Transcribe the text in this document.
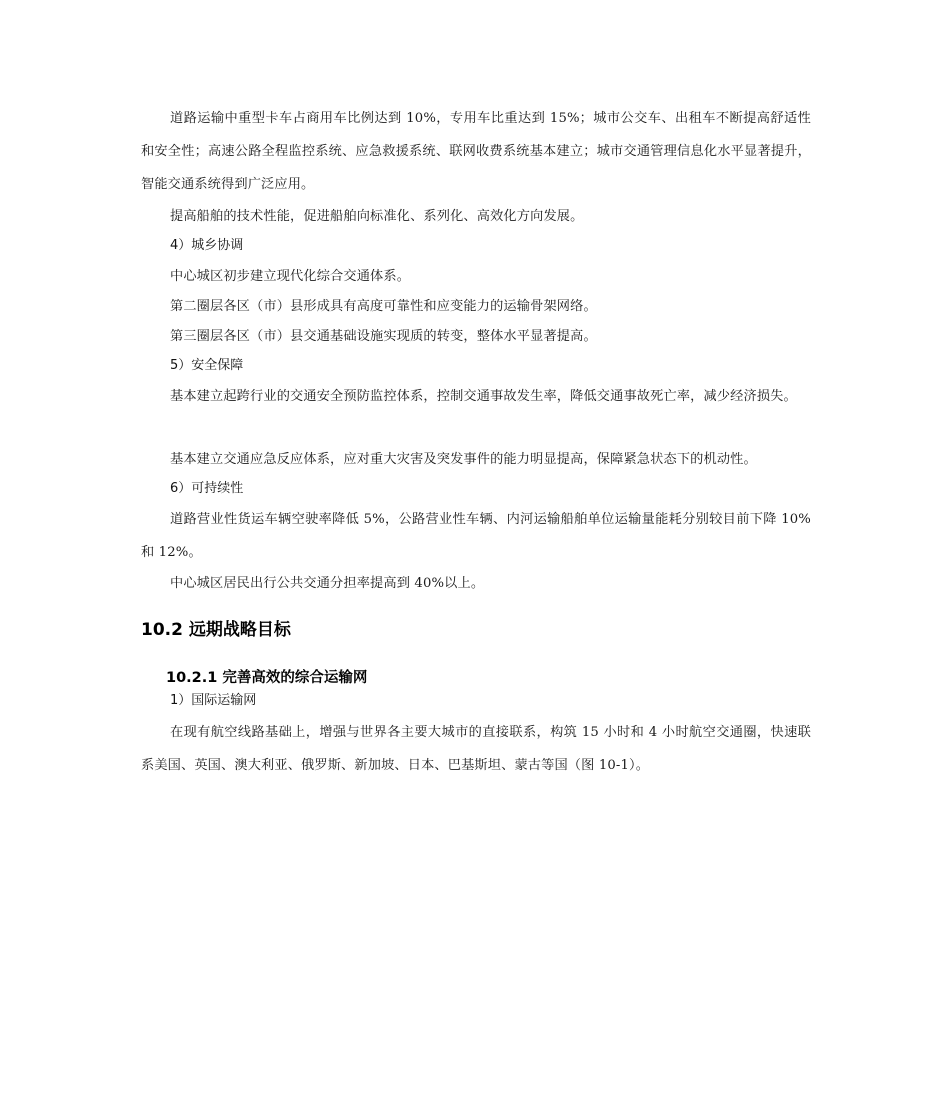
道路运输中重型卡车占商用车比例达到 10%，专用车比重达到 15%；城市公交车、出租车不断提高舒适性和安全性；高速公路全程监控系统、应急救援系统、联网收费系统基本建立；城市交通管理信息化水平显著提升，智能交通系统得到广泛应用。

提高船舶的技术性能，促进船舶向标准化、系列化、高效化方向发展。

4）城乡协调

中心城区初步建立现代化综合交通体系。

第二圈层各区（市）县形成具有高度可靠性和应变能力的运输骨架网络。

第三圈层各区（市）县交通基础设施实现质的转变，整体水平显著提高。

5）安全保障

基本建立起跨行业的交通安全预防监控体系，控制交通事故发生率，降低交通事故死亡率，减少经济损失。

基本建立交通应急反应体系，应对重大灾害及突发事件的能力明显提高，保障紧急状态下的机动性。

6）可持续性

道路营业性货运车辆空驶率降低 5%，公路营业性车辆、内河运输船舶单位运输量能耗分别较目前下降 10%和 12%。

中心城区居民出行公共交通分担率提高到 40%以上。

10.2 远期战略目标
10.2.1 完善高效的综合运输网

1）国际运输网

在现有航空线路基础上，增强与世界各主要大城市的直接联系，构筑 15 小时和 4 小时航空交通圈，快速联系美国、英国、澳大利亚、俄罗斯、新加坡、日本、巴基斯坦、蒙古等国（图 10-1）。
